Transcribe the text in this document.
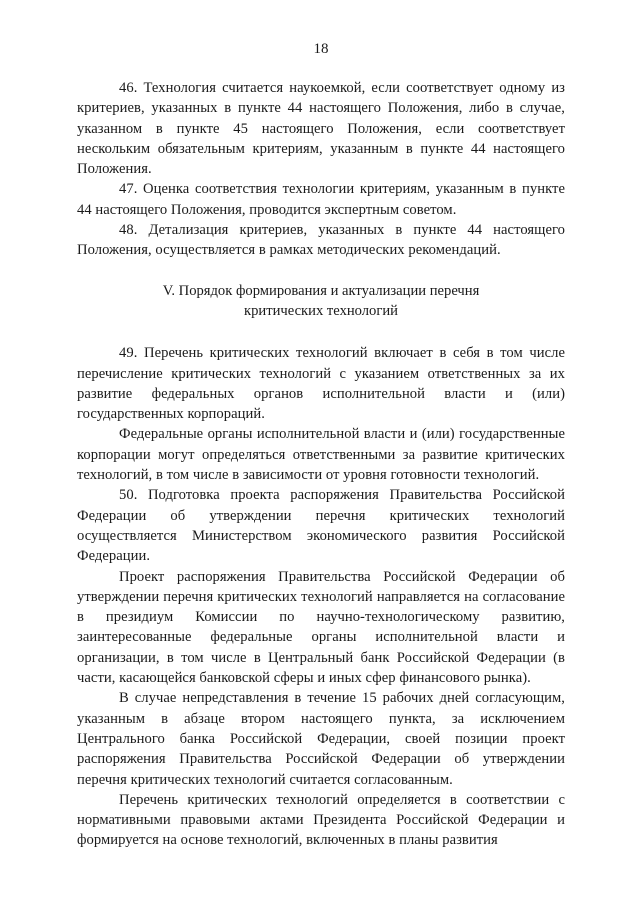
18

46. Технология считается наукоемкой, если соответствует одному из критериев, указанных в пункте 44 настоящего Положения, либо в случае, указанном в пункте 45 настоящего Положения, если соответствует нескольким обязательным критериям, указанным в пункте 44 настоящего Положения.

47. Оценка соответствия технологии критериям, указанным в пункте 44 настоящего Положения, проводится экспертным советом.

48. Детализация критериев, указанных в пункте 44 настоящего Положения, осуществляется в рамках методических рекомендаций.

V. Порядок формирования и актуализации перечня
критических технологий

49. Перечень критических технологий включает в себя в том числе перечисление критических технологий с указанием ответственных за их развитие федеральных органов исполнительной власти и (или) государственных корпораций.

Федеральные органы исполнительной власти и (или) государственные корпорации могут определяться ответственными за развитие критических технологий, в том числе в зависимости от уровня готовности технологий.

50. Подготовка проекта распоряжения Правительства Российской Федерации об утверждении перечня критических технологий осуществляется Министерством экономического развития Российской Федерации.

Проект распоряжения Правительства Российской Федерации об утверждении перечня критических технологий направляется на согласование в президиум Комиссии по научно-технологическому развитию, заинтересованные федеральные органы исполнительной власти и организации, в том числе в Центральный банк Российской Федерации (в части, касающейся банковской сферы и иных сфер финансового рынка).

В случае непредставления в течение 15 рабочих дней согласующим, указанным в абзаце втором настоящего пункта, за исключением Центрального банка Российской Федерации, своей позиции проект распоряжения Правительства Российской Федерации об утверждении перечня критических технологий считается согласованным.

Перечень критических технологий определяется в соответствии с нормативными правовыми актами Президента Российской Федерации и формируется на основе технологий, включенных в планы развития
